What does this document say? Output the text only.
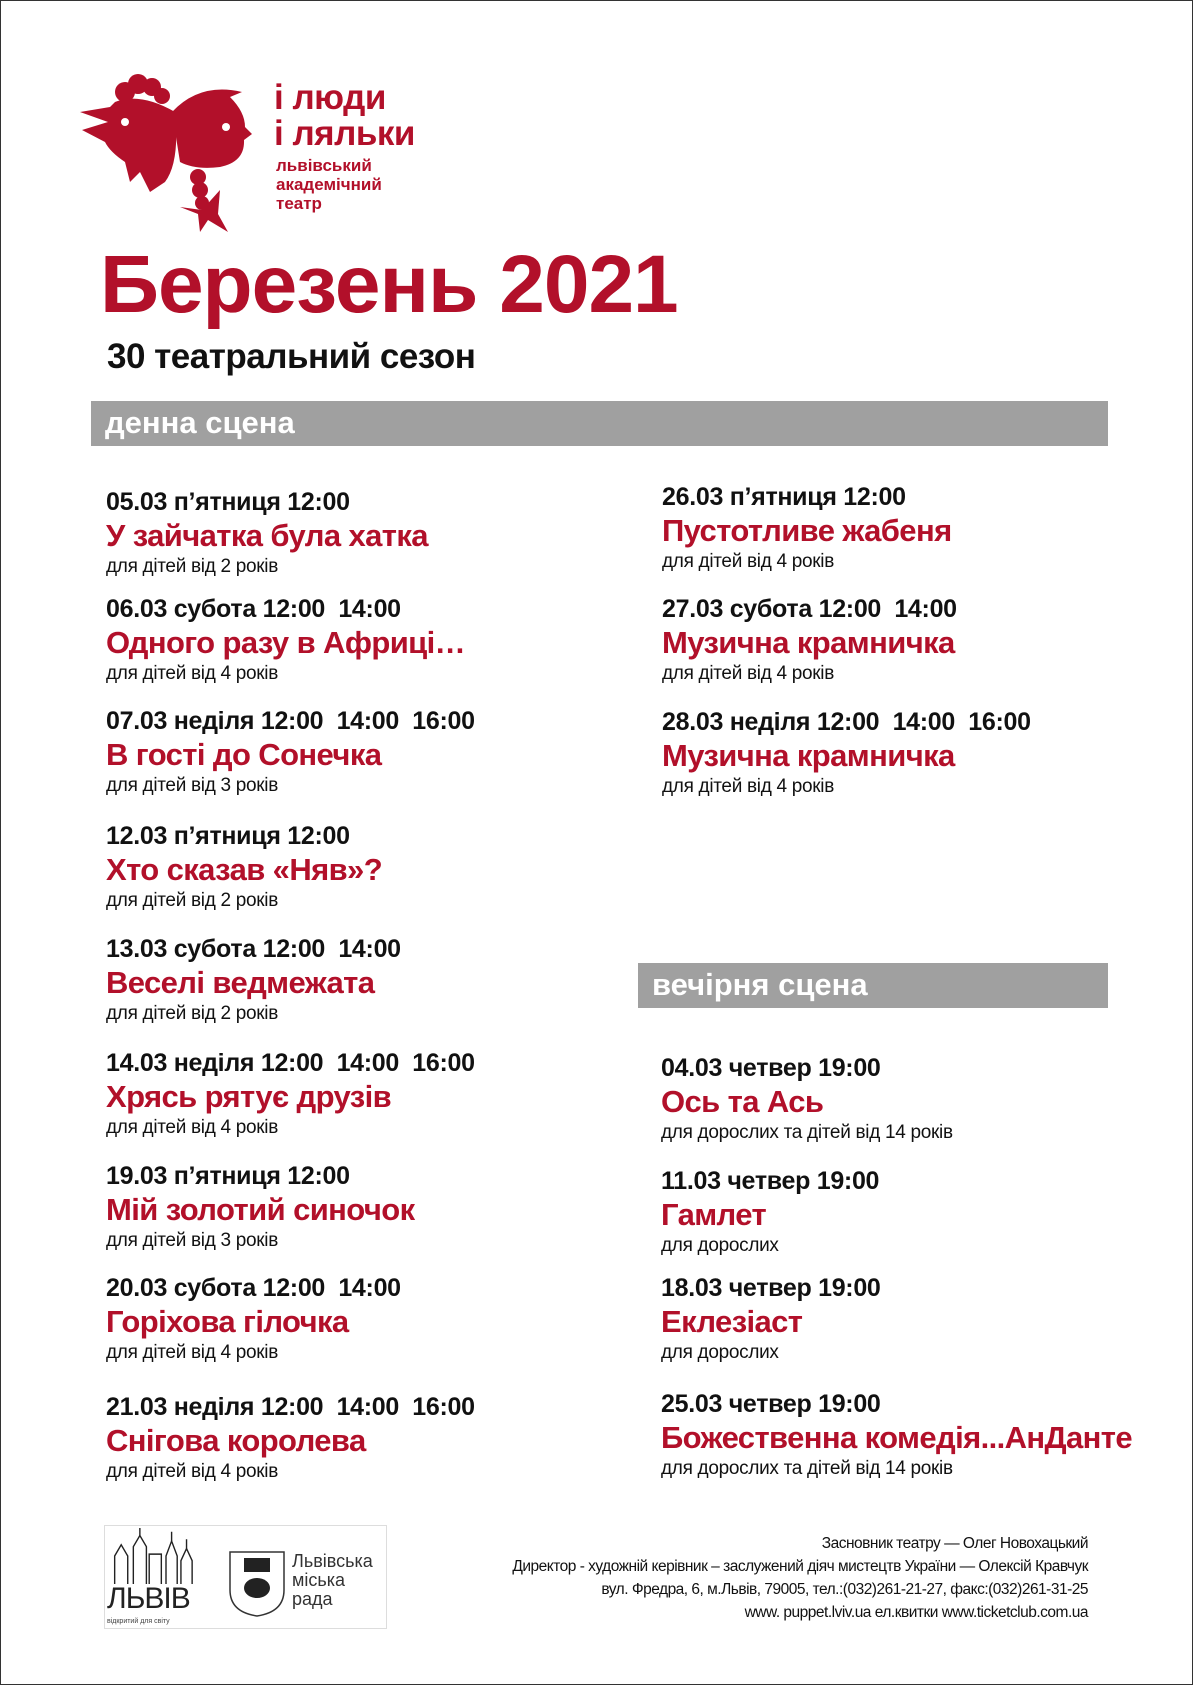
і люди
і ляльки
львівський
академічний
театр
Березень 2021
30 театральний сезон
денна сцена
вечірня сцена
05.03 п’ятниця 12:00
У зайчатка була хатка
для дітей від 2 років
06.03 субота 12:00  14:00
Одного разу в Африці…
для дітей від 4 років
07.03 неділя 12:00  14:00  16:00
В гості до Сонечка
для дітей від 3 років
12.03 п’ятниця 12:00
Хто сказав «Няв»?
для дітей від 2 років
13.03 субота 12:00  14:00
Веселі ведмежата
для дітей від 2 років
14.03 неділя 12:00  14:00  16:00
Хрясь рятує друзів
для дітей від 4 років
19.03 п’ятниця 12:00
Мій золотий синочок
для дітей від 3 років
20.03 субота 12:00  14:00
Горіхова гілочка
для дітей від 4 років
21.03 неділя 12:00  14:00  16:00
Снігова королева
для дітей від 4 років
26.03 п’ятниця 12:00
Пустотливе жабеня
для дітей від 4 років
27.03 субота 12:00  14:00
Музична крамничка
для дітей від 4 років
28.03 неділя 12:00  14:00  16:00
Музична крамничка
для дітей від 4 років
04.03 четвер 19:00
Ось та Ась
для дорослих та дітей від 14 років
11.03 четвер 19:00
Гамлет
для дорослих
18.03 четвер 19:00
Еклезіаст
для дорослих
25.03 четвер 19:00
Божественна комедія...АнДанте
для дорослих та дітей від 14 років
ЛЬВІВ
відкритий для світу
Львівська
міська
рада
Засновник театру — Олег Новохацький
Директор - художній керівник – заслужений діяч мистецтв України — Олексій Кравчук
вул. Фредра, 6, м.Львів, 79005, тел.:(032)261-21-27, факс:(032)261-31-25
www. puppet.lviv.ua ел.квитки www.ticketclub.com.ua
